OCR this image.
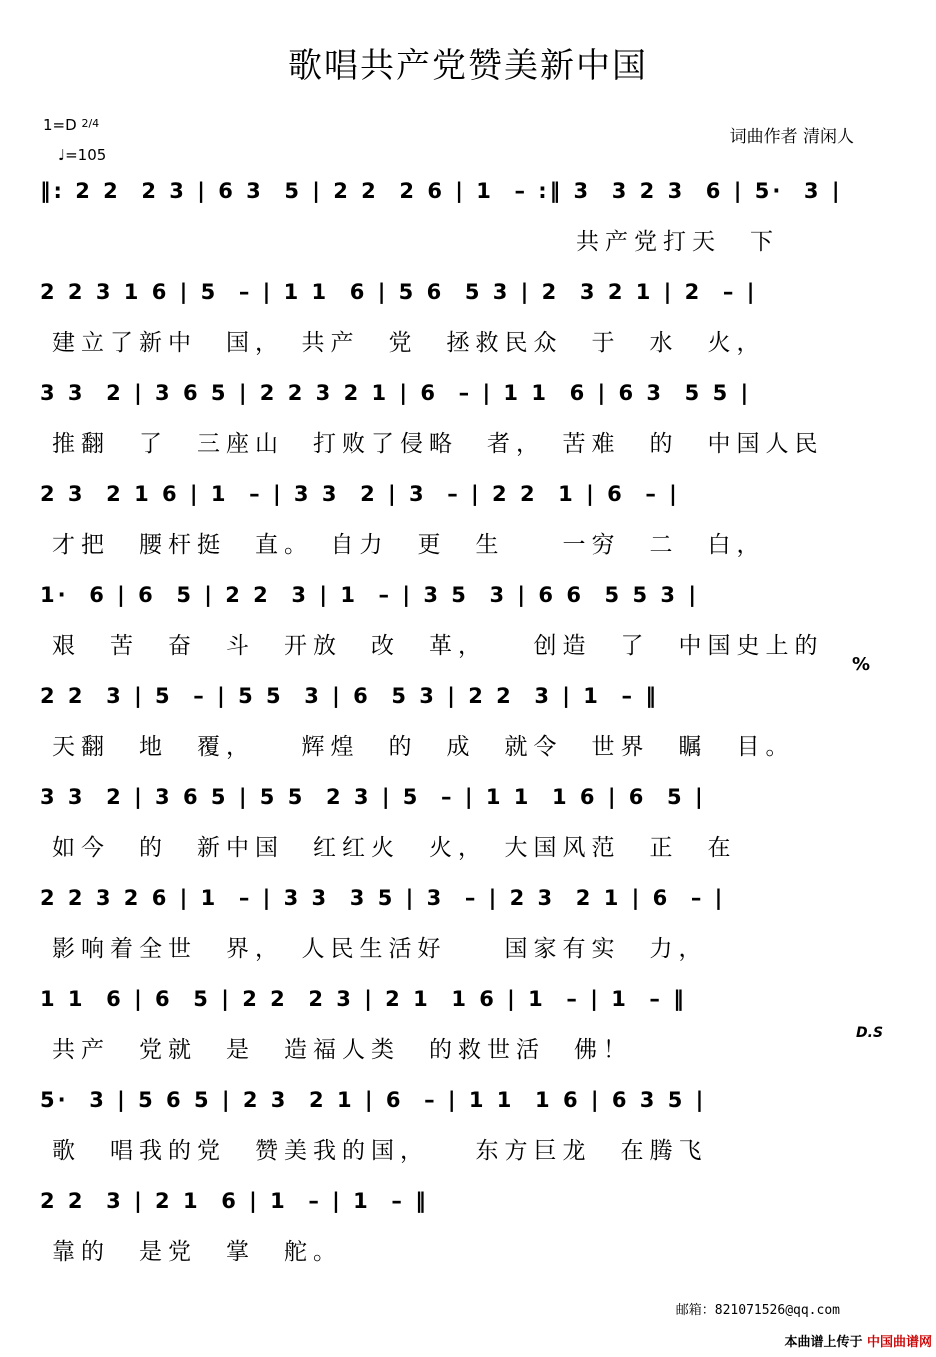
歌唱共产党赞美新中国
1=D $^{2/4}$
♩=105
词曲作者 清闲人
‖: 2 2  2 3 | 6 3  5 | 2 2  2 6 | 1  – :‖ 3  3 2 3  6 | 5·  3 |
共产党打天　下
2 2 3 1 6 | 5  – | 1 1  6 | 5 6  5 3 | 2  3 2 1 | 2  – |
建立了新中　国，　共产　党　拯救民众　于　水　火，
3 3  2 | 3 6 5 | 2 2 3 2 1 | 6  – | 1 1  6 | 6 3  5 5 |
推翻　了　三座山　打败了侵略　者，　苦难　的　中国人民
2 3  2 1 6 | 1  – | 3 3  2 | 3  – | 2 2  1 | 6  – |
才把　腰杆挺　直。　自力　更　生　　一穷　二　白，
1·  6 | 6  5 | 2 2  3 | 1  – | 3 5  3 | 6 6  5 5 3 |
艰　苦　奋　斗　开放　改　革，　　创造　了　中国史上的
2 2  3 | 5  – | 5 5  3 | 6  5 3 | 2 2  3 | 1  – ‖
天翻　地　覆，　　辉煌　的　成　就令　世界　瞩　目。
3 3  2 | 3 6 5 | 5 5  2 3 | 5  – | 1 1  1 6 | 6  5 |
如今　的　新中国　红红火　火，　大国风范　正　在
2 2 3 2 6 | 1  – | 3 3  3 5 | 3  – | 2 3  2 1 | 6  – |
影响着全世　界，　人民生活好　　国家有实　力，
1 1  6 | 6  5 | 2 2  2 3 | 2 1  1 6 | 1  – | 1  – ‖
共产　党就　是　造福人类　的救世活　佛！
5·  3 | 5 6 5 | 2 3  2 1 | 6  – | 1 1  1 6 | 6 3 5 |
歌　唱我的党　赞美我的国，　　东方巨龙　在腾飞
2 2  3 | 2 1  6 | 1  – | 1  – ‖
靠的　是党　掌　舵。
%
D.S
邮箱：821071526@qq.com
本曲谱上传于 中国曲谱网
